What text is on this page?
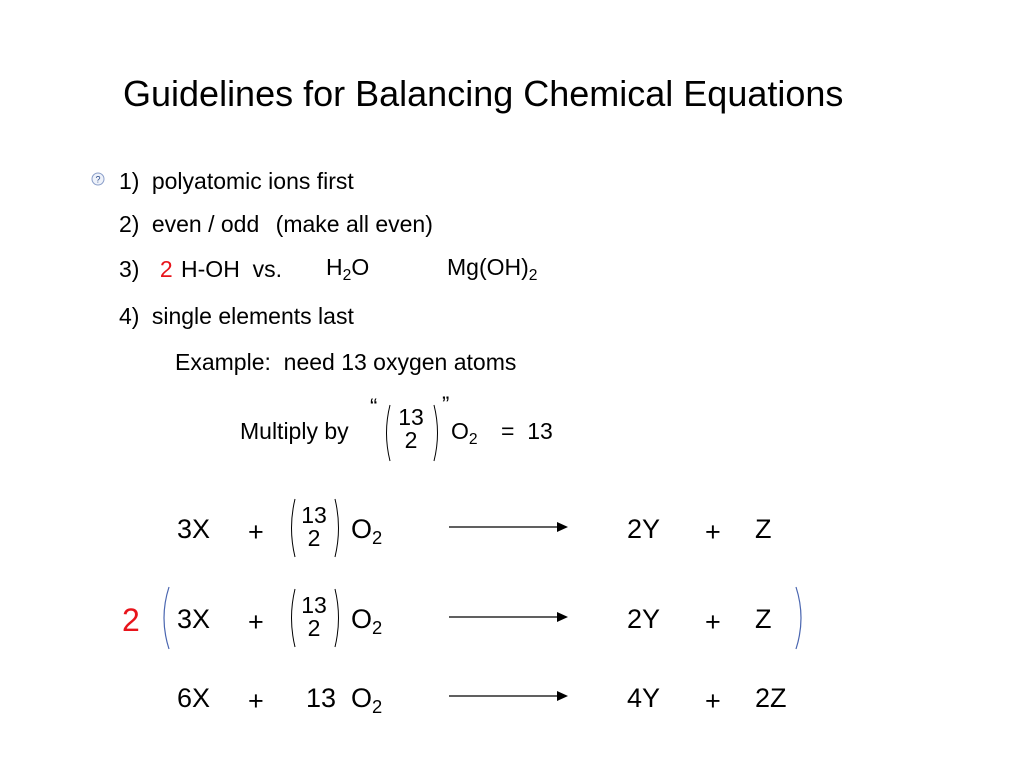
Guidelines for Balancing Chemical Equations
? 1) polyatomic ions first
2) even / odd (make all even)
3) 2 H-OH  vs. $H_2O$	$Mg(OH)_2$
4) single elements last
Example:  need 13 oxygen atoms
Multiply by
“	”
13
2	$O_2 = 13$
3X +
13
2	$O_2$	2Y + Z
2 3X +
13
2	$O_2$	2Y + Z
6X + 13 $O_2$	4Y + 2Z
